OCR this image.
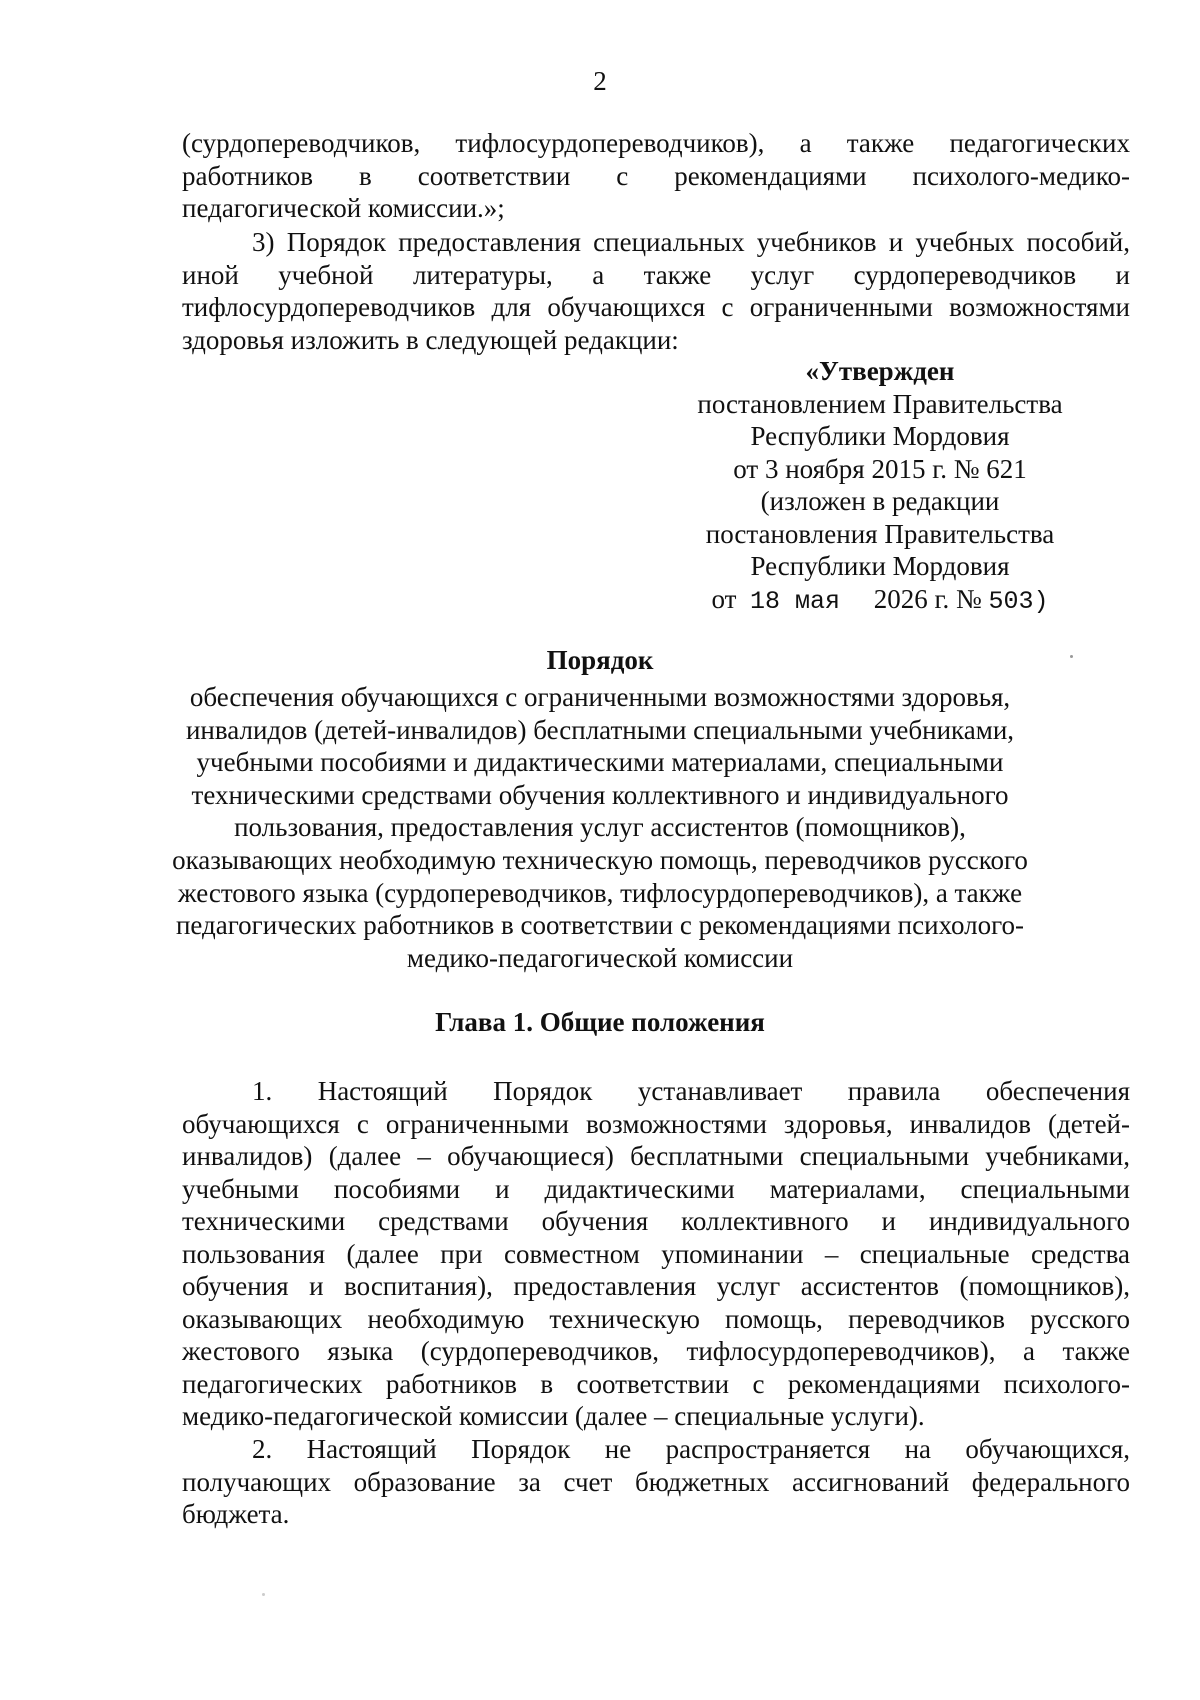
2
(сурдопереводчиков, тифлосурдопереводчиков), а также педагогических
работников в соответствии с рекомендациями психолого-медико-
педагогической комиссии.»;
3) Порядок предоставления специальных учебников и учебных пособий,
иной учебной литературы, а также услуг сурдопереводчиков и
тифлосурдопереводчиков для обучающихся с ограниченными возможностями
здоровья изложить в следующей редакции:
«Утвержден
постановлением Правительства
Республики Мордовия
от 3 ноября 2015 г. № 621
(изложен в редакции
постановления Правительства
Республики Мордовия
от 18 мая 2026 г. № 503)
Порядок
обеспечения обучающихся с ограниченными возможностями здоровья,
инвалидов (детей-инвалидов) бесплатными специальными учебниками,
учебными пособиями и дидактическими материалами, специальными
техническими средствами обучения коллективного и индивидуального
пользования, предоставления услуг ассистентов (помощников),
оказывающих необходимую техническую помощь, переводчиков русского
жестового языка (сурдопереводчиков, тифлосурдопереводчиков), а также
педагогических работников в соответствии с рекомендациями психолого-
медико-педагогической комиссии
Глава 1. Общие положения
1. Настоящий Порядок устанавливает правила обеспечения
обучающихся с ограниченными возможностями здоровья, инвалидов (детей-
инвалидов) (далее – обучающиеся) бесплатными специальными учебниками,
учебными пособиями и дидактическими материалами, специальными
техническими средствами обучения коллективного и индивидуального
пользования (далее при совместном упоминании – специальные средства
обучения и воспитания), предоставления услуг ассистентов (помощников),
оказывающих необходимую техническую помощь, переводчиков русского
жестового языка (сурдопереводчиков, тифлосурдопереводчиков), а также
педагогических работников в соответствии с рекомендациями психолого-
медико-педагогической комиссии (далее – специальные услуги).
2. Настоящий Порядок не распространяется на обучающихся,
получающих образование за счет бюджетных ассигнований федерального
бюджета.
